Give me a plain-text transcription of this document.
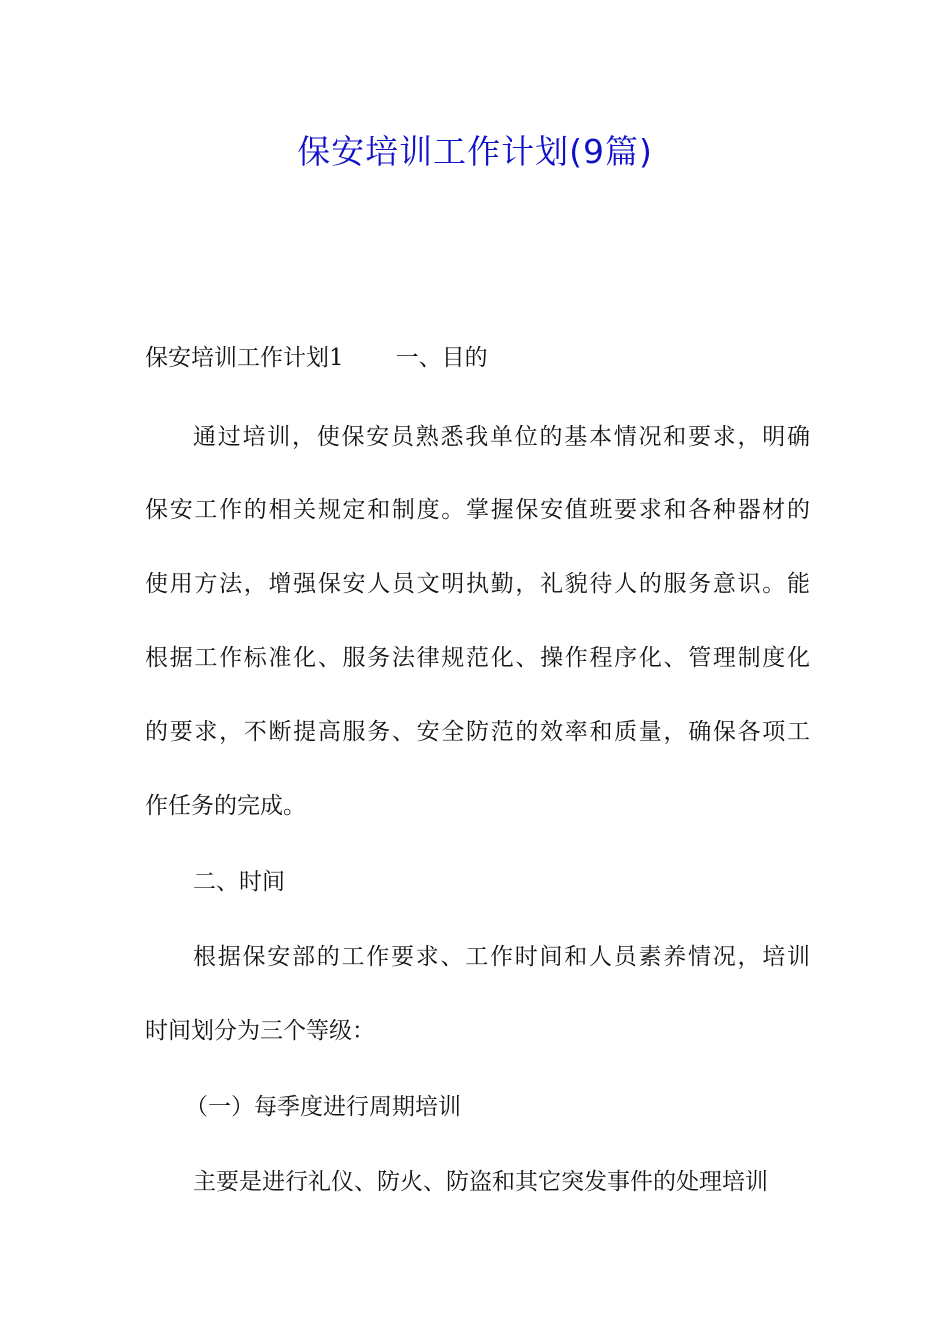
保安培训工作计划(9篇)
保安培训工作计划1 一、目的
通过培训，使保安员熟悉我单位的基本情况和要求，明确
保安工作的相关规定和制度。掌握保安值班要求和各种器材的
使用方法，增强保安人员文明执勤，礼貌待人的服务意识。能
根据工作标准化、服务法律规范化、操作程序化、管理制度化
的要求，不断提高服务、安全防范的效率和质量，确保各项工
作任务的完成。
二、时间
根据保安部的工作要求、工作时间和人员素养情况，培训
时间划分为三个等级：
（一）每季度进行周期培训
主要是进行礼仪、防火、防盗和其它突发事件的处理培训
